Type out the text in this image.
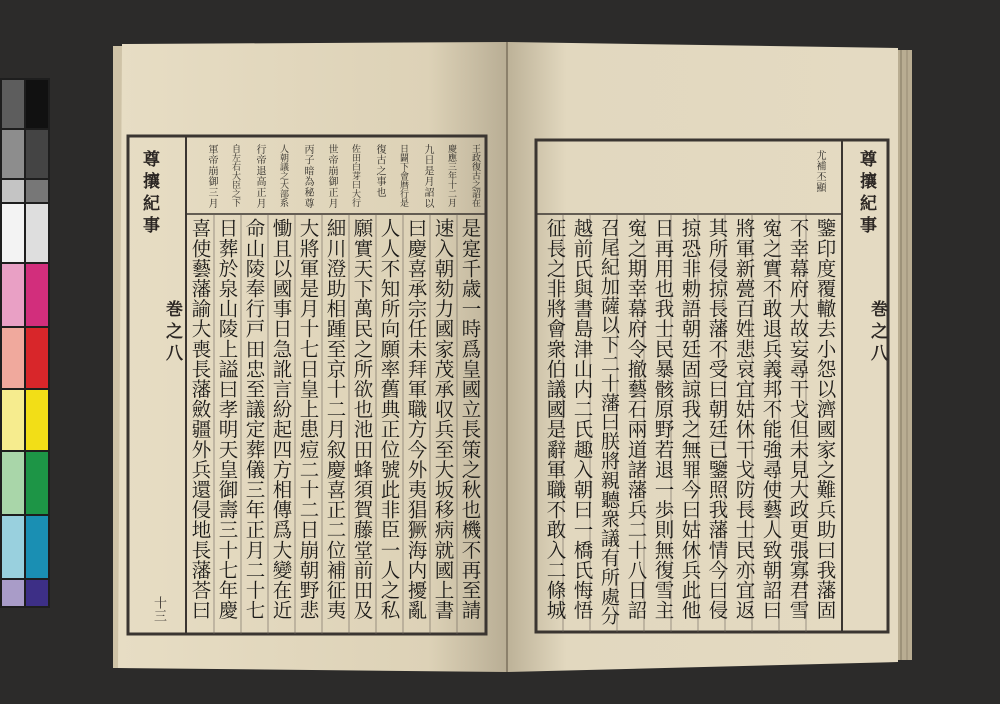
尊攘紀事
巻之八
十三
王政復古之詔在
慶應三年十二月
九日是月詔以
日闢下會暦行是
復古之事也
佐田白芽曰大行
世帝崩御正月
丙子暗為秘尊
人朝議之大部系
行帝退高正月
自左右大臣之下
軍帝崩御三月
是寔千歳一時爲皇國立長策之秋也機不再至請
速入朝劾力國家茂承収兵至大坂移病就國上書
曰慶喜承宗任未拜軍職方今外夷猖獗海内擾亂
人人不知所向願率舊典正位號此非臣一人之私
願實天下萬民之所欲也池田蜂須賀藤堂前田及
細川澄助相踵至京十二月叙慶喜正二位補征夷
大將軍是月十七日皇上患痘二十二日崩朝野悲
慟且以國事日急訛言紛起四方相傳爲大變在近
命山陵奉行戸田忠至議定葬儀三年正月二十七
日葬於泉山陵上謚曰孝明天皇御壽三十七年慶
喜使藝藩諭大喪長藩斂疆外兵還侵地長藩荅曰
尤補丕顯 尊攘紀事
巻之八
鑒印度覆轍去小怨以濟國家之難兵助曰我藩固
不幸幕府大故妄尋干戈但未見大政更張寡君雪
寃之實不敢退兵義邦不能強尋使藝人致朝詔曰
將軍新甍百姓悲哀宜姑休干戈防長士民亦宜返
其所侵掠長藩不受曰朝廷已鑒照我藩情今曰侵
掠恐非勅語朝廷固諒我之無罪今曰姑休兵此他
日再用也我士民暴骸原野若退一歩則無復雪主
寃之期幸幕府令撤藝石兩道諸藩兵二十八日詔
召尾紀加薩以下二十藩曰朕將親聽衆議有所處分
越前氏與書島津山内二氏趣入朝曰一橋氏悔悟
征長之非將會衆伯議國是辭軍職不敢入二條城
